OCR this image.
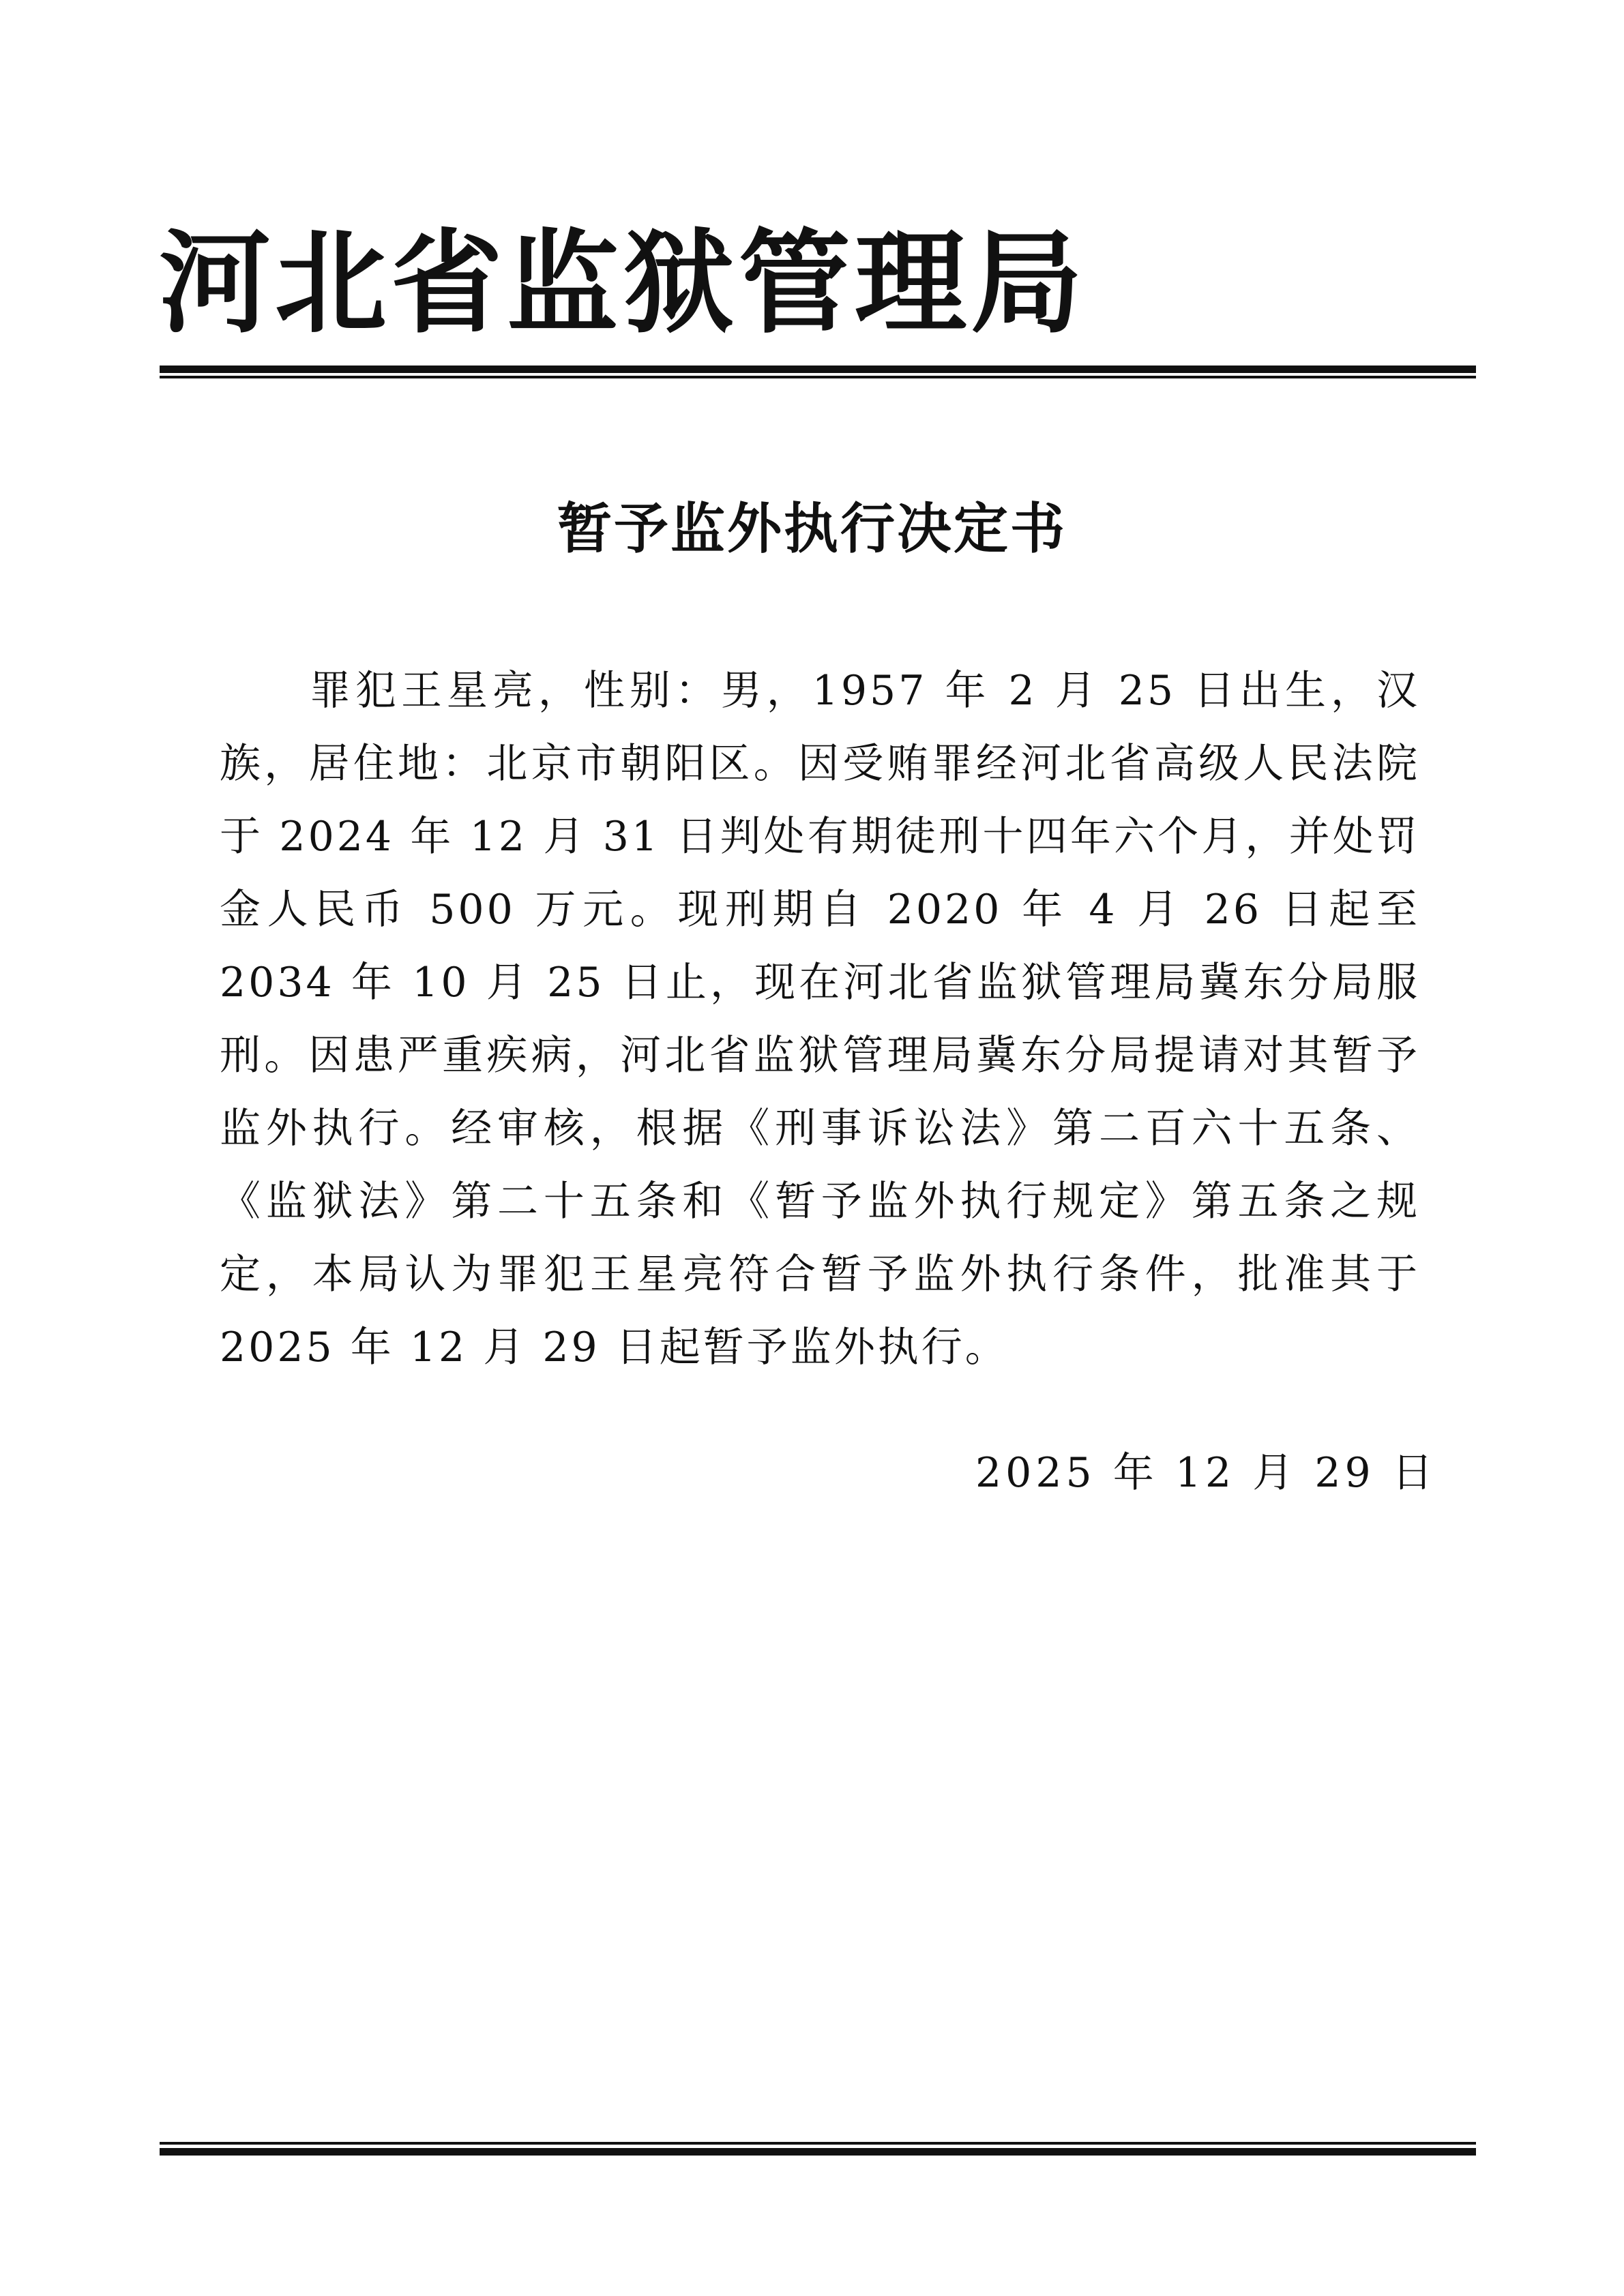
河北省监狱管理局
暂予监外执行决定书

罪犯王星亮，性别：男，1957 年 2 月 25 日出生，汉族，居住地：北京市朝阳区。因受贿罪经河北省高级人民法院于 2024 年 12 月 31 日判处有期徒刑十四年六个月，并处罚金人民币 500 万元。现刑期自 2020 年 4 月 26 日起至 2034 年 10 月 25 日止，现在河北省监狱管理局冀东分局服刑。因患严重疾病，河北省监狱管理局冀东分局提请对其暂予监外执行。经审核，根据《刑事诉讼法》第二百六十五条、《监狱法》第二十五条和《暂予监外执行规定》第五条之规定，本局认为罪犯王星亮符合暂予监外执行条件，批准其于 2025 年 12 月 29 日起暂予监外执行。

2025 年 12 月 29 日
